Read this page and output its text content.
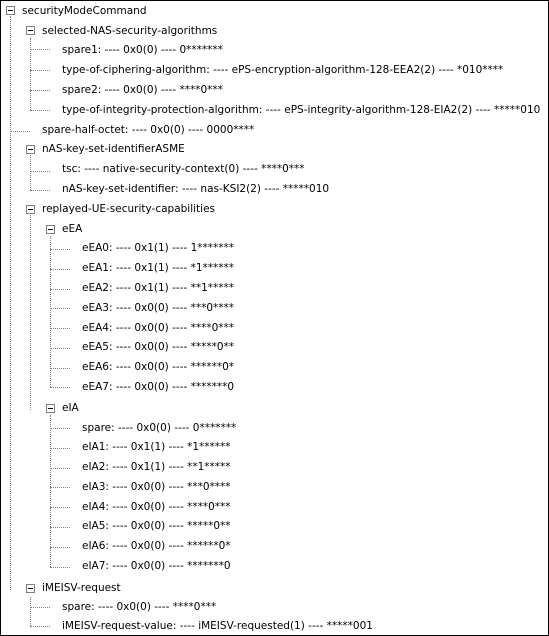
securityModeCommand
selected-NAS-security-algorithms
spare1: ---- 0x0(0) ---- 0*******
type-of-ciphering-algorithm: ---- ePS-encryption-algorithm-128-EEA2(2) ---- *010****
spare2: ---- 0x0(0) ---- ****0***
type-of-integrity-protection-algorithm: ---- ePS-integrity-algorithm-128-EIA2(2) ---- *****010
spare-half-octet: ---- 0x0(0) ---- 0000****
nAS-key-set-identifierASME
tsc: ---- native-security-context(0) ---- ****0***
nAS-key-set-identifier: ---- nas-KSI2(2) ---- *****010
replayed-UE-security-capabilities
eEA
eEA0: ---- 0x1(1) ---- 1*******
eEA1: ---- 0x1(1) ---- *1******
eEA2: ---- 0x1(1) ---- **1*****
eEA3: ---- 0x0(0) ---- ***0****
eEA4: ---- 0x0(0) ---- ****0***
eEA5: ---- 0x0(0) ---- *****0**
eEA6: ---- 0x0(0) ---- ******0*
eEA7: ---- 0x0(0) ---- *******0
eIA
spare: ---- 0x0(0) ---- 0*******
eIA1: ---- 0x1(1) ---- *1******
eIA2: ---- 0x1(1) ---- **1*****
eIA3: ---- 0x0(0) ---- ***0****
eIA4: ---- 0x0(0) ---- ****0***
eIA5: ---- 0x0(0) ---- *****0**
eIA6: ---- 0x0(0) ---- ******0*
eIA7: ---- 0x0(0) ---- *******0
iMEISV-request
spare: ---- 0x0(0) ---- ****0***
iMEISV-request-value: ---- iMEISV-requested(1) ---- *****001
